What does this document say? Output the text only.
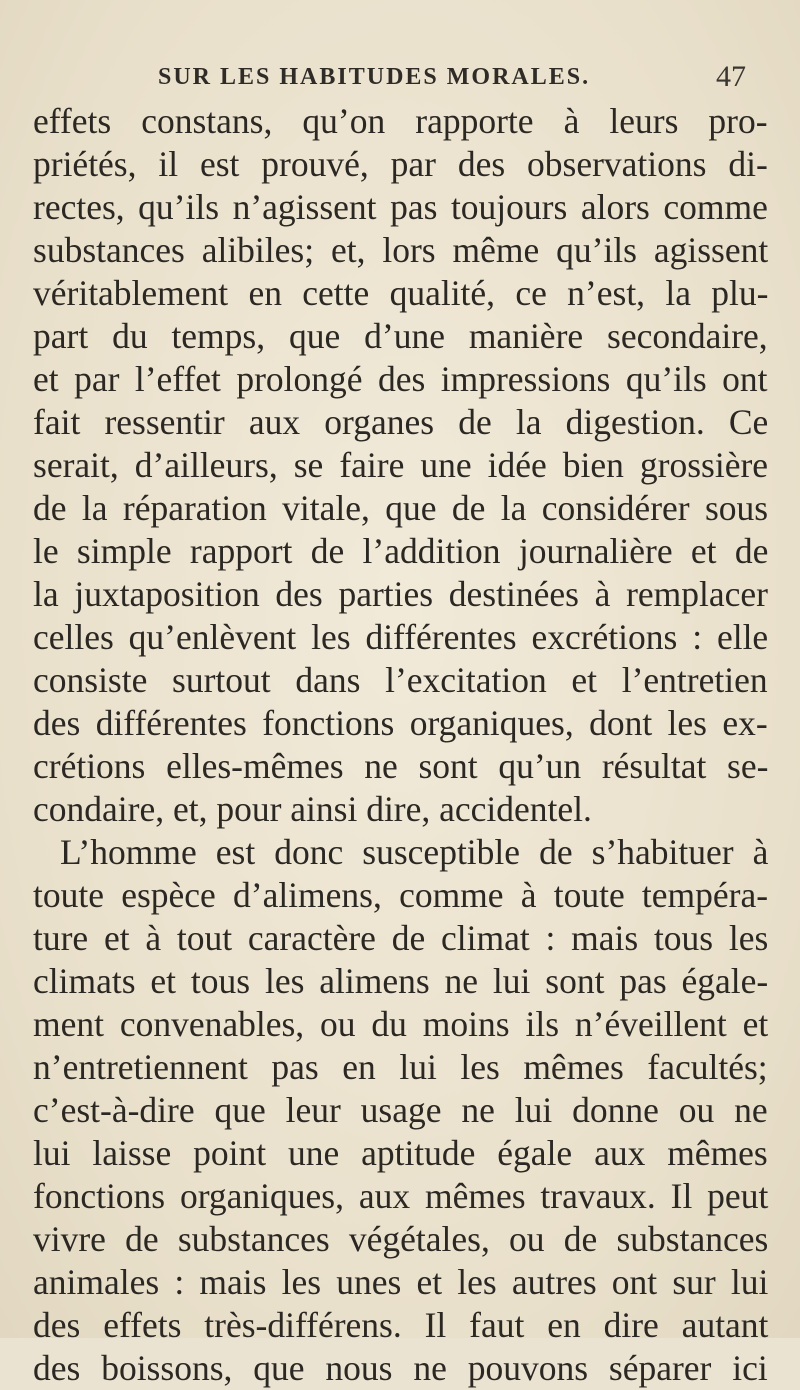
SUR LES HABITUDES MORALES.	47
effets constans, qu’on rapporte à leurs pro-
priétés, il est prouvé, par des observations di-
rectes, qu’ils n’agissent pas toujours alors comme
substances alibiles; et, lors même qu’ils agissent
véritablement en cette qualité, ce n’est, la plu-
part du temps, que d’une manière secondaire,
et par l’effet prolongé des impressions qu’ils ont
fait ressentir aux organes de la digestion. Ce
serait, d’ailleurs, se faire une idée bien grossière
de la réparation vitale, que de la considérer sous
le simple rapport de l’addition journalière et de
la juxtaposition des parties destinées à remplacer
celles qu’enlèvent les différentes excrétions : elle
consiste surtout dans l’excitation et l’entretien
des différentes fonctions organiques, dont les ex-
crétions elles-mêmes ne sont qu’un résultat se-
condaire, et, pour ainsi dire, accidentel.
L’homme est donc susceptible de s’habituer à
toute espèce d’alimens, comme à toute tempéra-
ture et à tout caractère de climat : mais tous les
climats et tous les alimens ne lui sont pas égale-
ment convenables, ou du moins ils n’éveillent et
n’entretiennent pas en lui les mêmes facultés;
c’est-à-dire que leur usage ne lui donne ou ne
lui laisse point une aptitude égale aux mêmes
fonctions organiques, aux mêmes travaux. Il peut
vivre de substances végétales, ou de substances
animales : mais les unes et les autres ont sur lui
des effets très-différens. Il faut en dire autant
des boissons, que nous ne pouvons séparer ici
